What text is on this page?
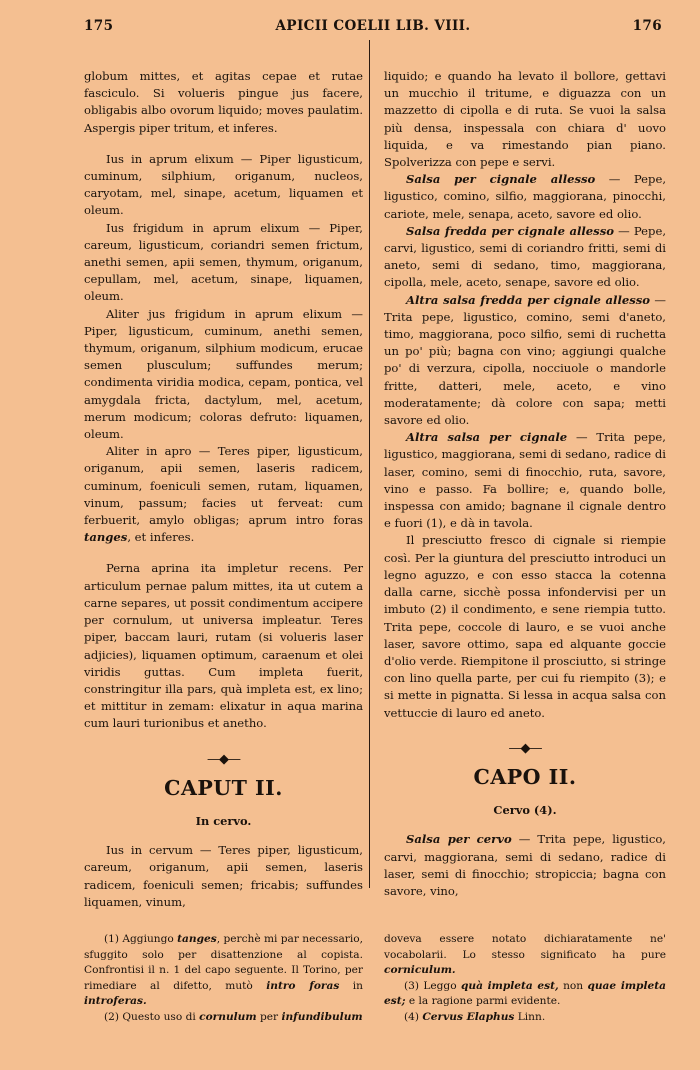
175	APICII COELII LIB. VIII.	176

globum mittes, et agitas cepae et rutae fasciculo. Si volueris pingue jus facere, obligabis albo ovorum liquido; moves paulatim. Aspergis piper tritum, et inferes.

Ius in aprum elixum — Piper ligusticum, cuminum, silphium, origanum, nucleos, caryotam, mel, sinape, acetum, liquamen et oleum.

Ius frigidum in aprum elixum — Piper, careum, ligusticum, coriandri semen frictum, anethi semen, apii semen, thymum, origanum, cepullam, mel, acetum, sinape, liquamen, oleum.

Aliter jus frigidum in aprum elixum — Piper, ligusticum, cuminum, anethi semen, thymum, origanum, silphium modicum, erucae semen plusculum; suffundes merum; condimenta viridia modica, cepam, pontica, vel amygdala fricta, dactylum, mel, acetum, merum modicum; coloras defruto: liquamen, oleum.

Aliter in apro — Teres piper, ligusticum, origanum, apii semen, laseris radicem, cuminum, foeniculi semen, rutam, liquamen, vinum, passum; facies ut ferveat: cum ferbuerit, amylo obligas; aprum intro foras tanges, et inferes.

Perna aprina ita impletur recens. Per articulum pernae palum mittes, ita ut cutem a carne separes, ut possit condimentum accipere per cornulum, ut universa impleatur. Teres piper, baccam lauri, rutam (si volueris laser adjicies), liquamen optimum, caraenum et olei viridis guttas. Cum impleta fuerit, constringitur illa pars, quà impleta est, ex lino; et mittitur in zemam: elixatur in aqua marina cum lauri turionibus et anetho.

—◆—
CAPUT II.
In cervo.

Ius in cervum — Teres piper, ligusticum, careum, origanum, apii semen, laseris radicem, foeniculi semen; fricabis; suffundes liquamen, vinum,

liquido; e quando ha levato il bollore, gettavi un mucchio il tritume, e diguazza con un mazzetto di cipolla e di ruta. Se vuoi la salsa più densa, inspessala con chiara d' uovo liquida, e va rimestando pian piano. Spolverizza con pepe e servi.

Salsa per cignale allesso — Pepe, ligustico, comino, silfio, maggiorana, pinocchi, cariote, mele, senapa, aceto, savore ed olio.

Salsa fredda per cignale allesso — Pepe, carvi, ligustico, semi di coriandro fritti, semi di aneto, semi di sedano, timo, maggiorana, cipolla, mele, aceto, senape, savore ed olio.

Altra salsa fredda per cignale allesso — Trita pepe, ligustico, comino, semi d'aneto, timo, maggiorana, poco silfio, semi di ruchetta un po' più; bagna con vino; aggiungi qualche po' di verzura, cipolla, nocciuole o mandorle fritte, datteri, mele, aceto, e vino moderatamente; dà colore con sapa; metti savore ed olio.

Altra salsa per cignale — Trita pepe, ligustico, maggiorana, semi di sedano, radice di laser, comino, semi di finocchio, ruta, savore, vino e passo. Fa bollire; e, quando bolle, inspessa con amido; bagnane il cignale dentro e fuori (1), e dà in tavola.

Il presciutto fresco di cignale si riempie così. Per la giuntura del presciutto introduci un legno aguzzo, e con esso stacca la cotenna dalla carne, sicchè possa infondervisi per un imbuto (2) il condimento, e sene riempia tutto. Trita pepe, coccole di lauro, e se vuoi anche laser, savore ottimo, sapa ed alquante goccie d'olio verde. Riempitone il prosciutto, si stringe con lino quella parte, per cui fu riempito (3); e si mette in pignatta. Si lessa in acqua salsa con vettuccie di lauro ed aneto.

—◆—
CAPO II.
Cervo (4).

Salsa per cervo — Trita pepe, ligustico, carvi, maggiorana, semi di sedano, radice di laser, semi di finocchio; stropiccia; bagna con savore, vino,

(1) Aggiungo tanges, perchè mi par necessario, sfuggito solo per disattenzione al copista. Confrontisi il n. 1 del capo seguente. Il Torino, per rimediare al difetto, mutò intro foras in introferas.

(2) Questo uso di cornulum per infundibulum

doveva essere notato dichiaratamente ne' vocabolarii. Lo stesso significato ha pure corniculum.

(3) Leggo quà impleta est, non quae impleta est; e la ragione parmi evidente.

(4) Cervus Elaphus Linn.
